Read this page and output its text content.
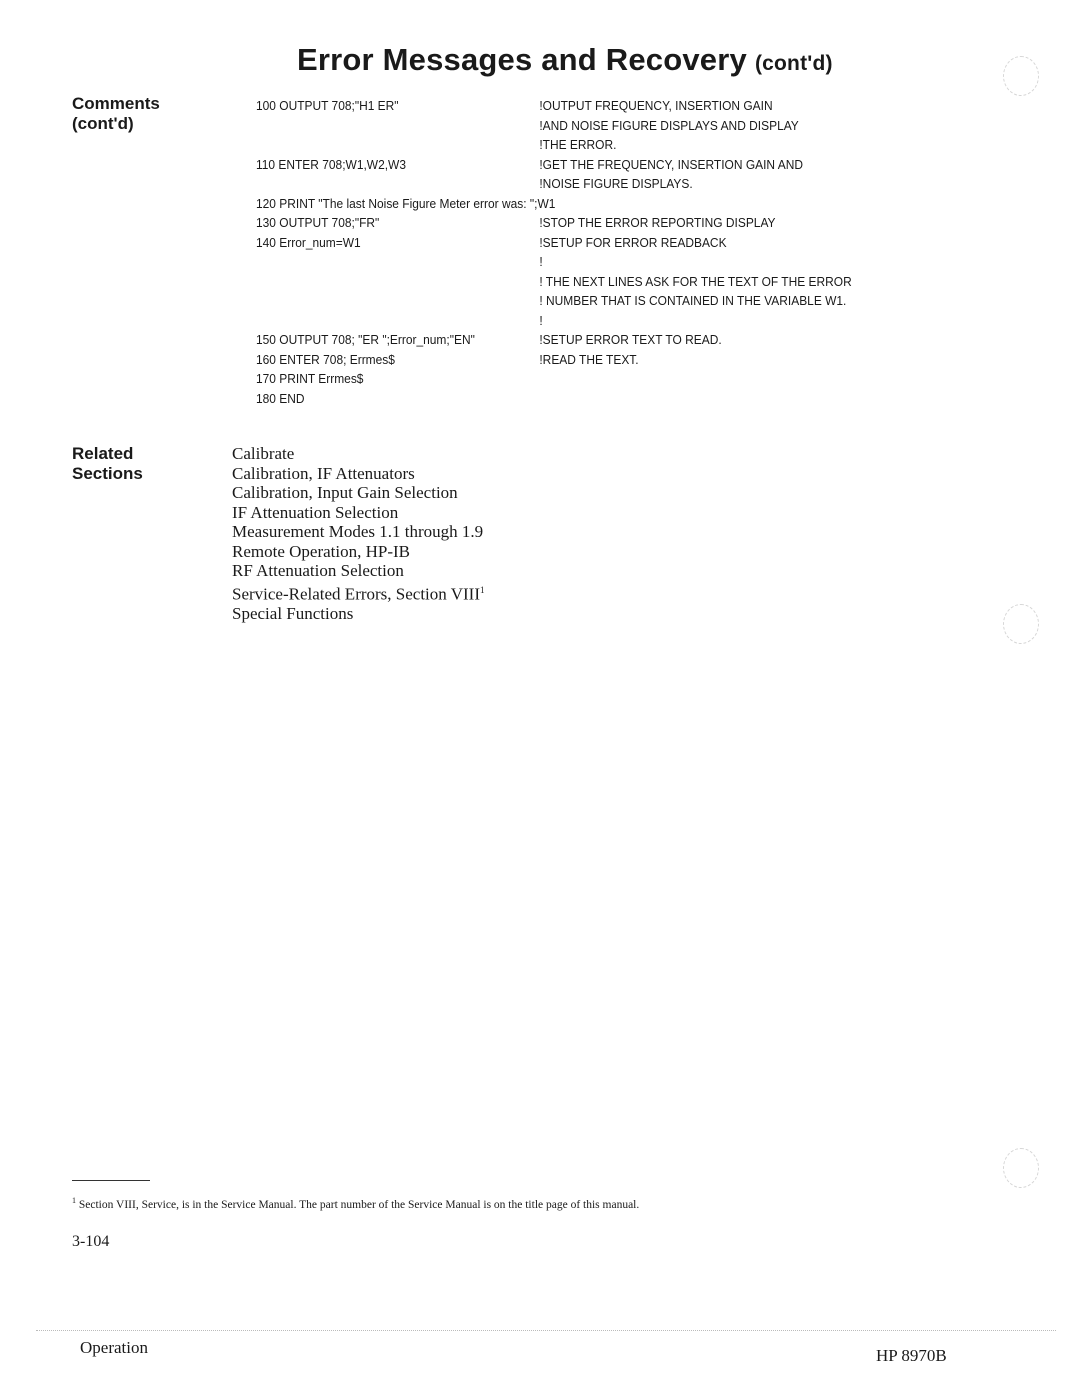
Error Messages and Recovery (cont'd)
Comments
(cont'd)
100 OUTPUT 708;"H1 ER"	!OUTPUT FREQUENCY, INSERTION GAIN
!AND NOISE FIGURE DISPLAYS AND DISPLAY
!THE ERROR.
110 ENTER 708;W1,W2,W3	!GET THE FREQUENCY, INSERTION GAIN AND
!NOISE FIGURE DISPLAYS.
120 PRINT "The last Noise Figure Meter error was: ";W1
130 OUTPUT 708;"FR"	!STOP THE ERROR REPORTING DISPLAY
140 Error_num=W1	!SETUP FOR ERROR READBACK
!
! THE NEXT LINES ASK FOR THE TEXT OF THE ERROR
! NUMBER THAT IS CONTAINED IN THE VARIABLE W1.
!
150 OUTPUT 708; "ER ";Error_num;"EN"	!SETUP ERROR TEXT TO READ.
160 ENTER 708; Errmes$	!READ THE TEXT.
170 PRINT Errmes$
180 END
Related
Sections
Calibrate
Calibration, IF Attenuators
Calibration, Input Gain Selection
IF Attenuation Selection
Measurement Modes 1.1 through 1.9
Remote Operation, HP-IB
RF Attenuation Selection
Service-Related Errors, Section VIII$^1$
Special Functions
$^1$ Section VIII, Service, is in the Service Manual. The part number of the Service Manual is on the title page of this manual.
3-104
Operation	HP 8970B
